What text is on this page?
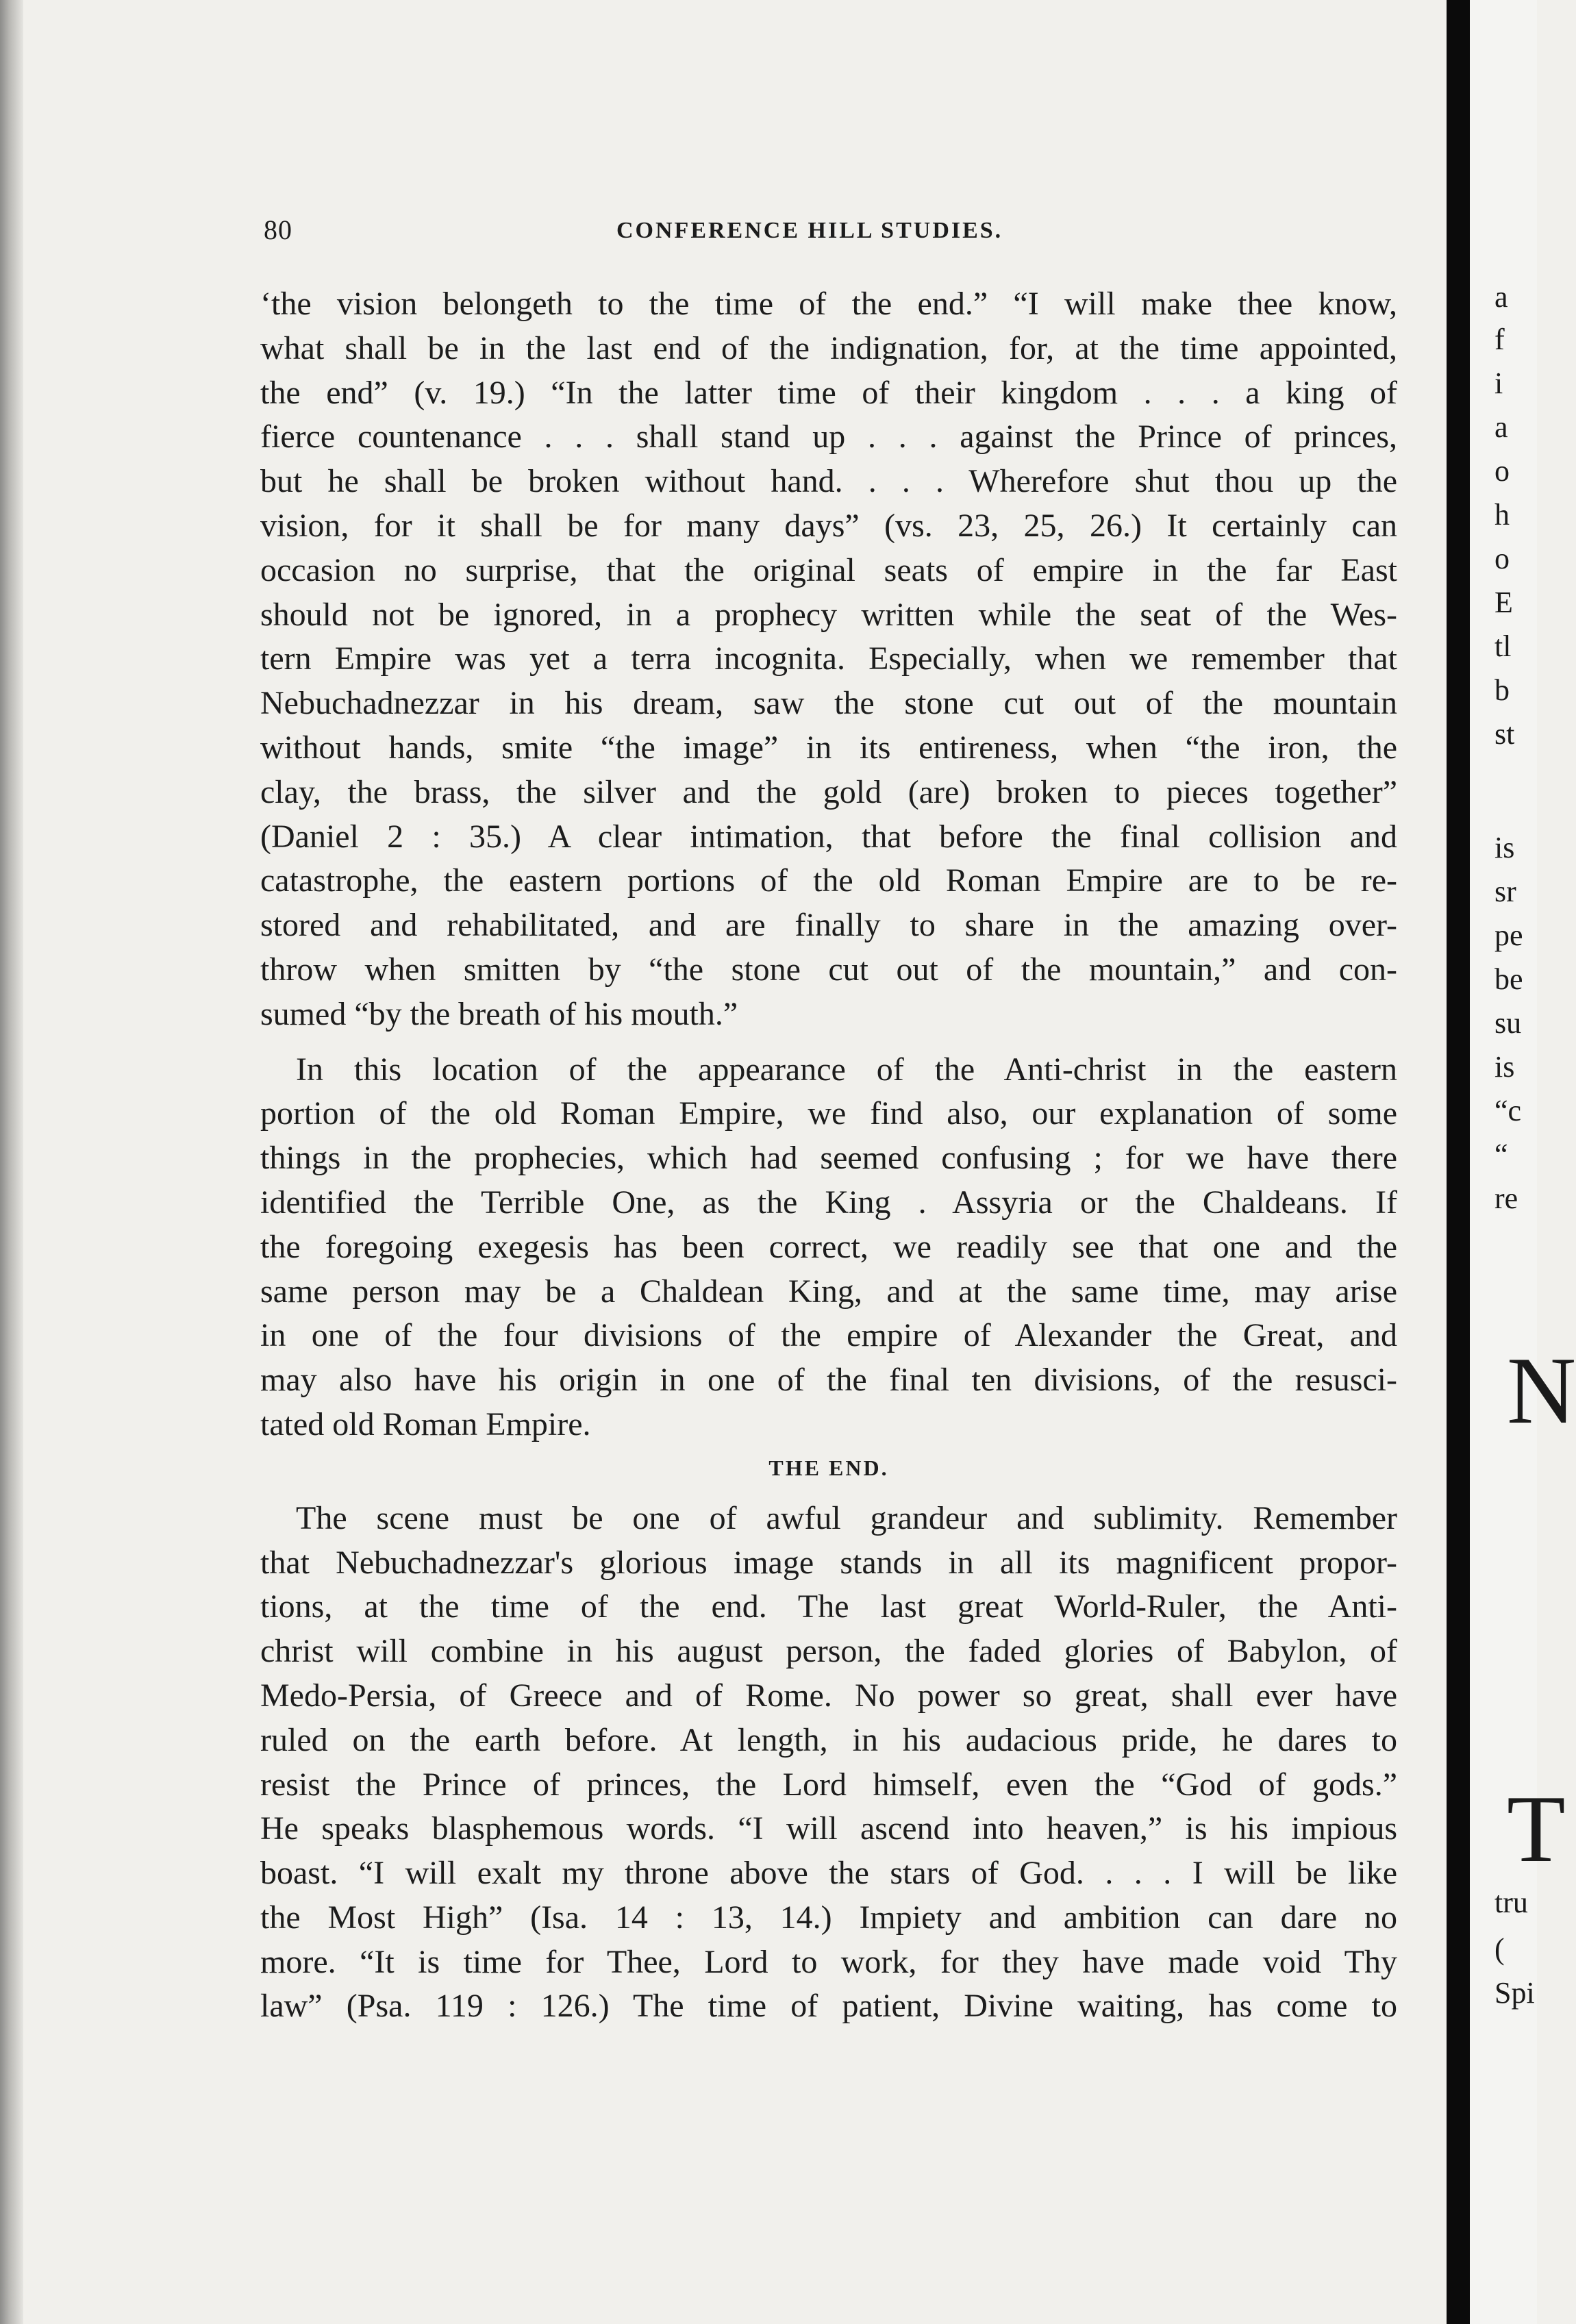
80	CONFERENCE HILL STUDIES.
‘the vision belongeth to the time of the end.” “I will make thee know,
what shall be in the last end of the indignation, for, at the time appointed,
the end” (v. 19.) “In the latter time of their kingdom . . . a king of
fierce countenance . . . shall stand up . . . against the Prince of princes,
but he shall be broken without hand. . . . Wherefore shut thou up the
vision, for it shall be for many days” (vs. 23, 25, 26.) It certainly can
occasion no surprise, that the original seats of empire in the far East
should not be ignored, in a prophecy written while the seat of the Wes-
tern Empire was yet a terra incognita. Especially, when we remember that
Nebuchadnezzar in his dream, saw the stone cut out of the mountain
without hands, smite “the image” in its entireness, when “the iron, the
clay, the brass, the silver and the gold (are) broken to pieces together”
(Daniel 2 : 35.) A clear intimation, that before the final collision and
catastrophe, the eastern portions of the old Roman Empire are to be re-
stored and rehabilitated, and are finally to share in the amazing over-
throw when smitten by “the stone cut out of the mountain,” and con-
sumed “by the breath of his mouth.”
In this location of the appearance of the Anti-christ in the eastern
portion of the old Roman Empire, we find also, our explanation of some
things in the prophecies, which had seemed confusing ; for we have there
identified the Terrible One, as the King . Assyria or the Chaldeans. If
the foregoing exegesis has been correct, we readily see that one and the
same person may be a Chaldean King, and at the same time, may arise
in one of the four divisions of the empire of Alexander the Great, and
may also have his origin in one of the final ten divisions, of the resusci-
tated old Roman Empire.
THE END.
The scene must be one of awful grandeur and sublimity. Remember
that Nebuchadnezzar's glorious image stands in all its magnificent propor-
tions, at the time of the end. The last great World-Ruler, the Anti-
christ will combine in his august person, the faded glories of Babylon, of
Medo-Persia, of Greece and of Rome. No power so great, shall ever have
ruled on the earth before. At length, in his audacious pride, he dares to
resist the Prince of princes, the Lord himself, even the “God of gods.”
He speaks blasphemous words. “I will ascend into heaven,” is his impious
boast. “I will exalt my throne above the stars of God. . . . I will be like
the Most High” (Isa. 14 : 13, 14.) Impiety and ambition can dare no
more. “It is time for Thee, Lord to work, for they have made void Thy
law” (Psa. 119 : 126.) The time of patient, Divine waiting, has come to
a
f
i
a
o
h
o
E
tl
b
st
is
sr
pe
be
su
is
“c
“
re
N
T
tru
(
Spi
